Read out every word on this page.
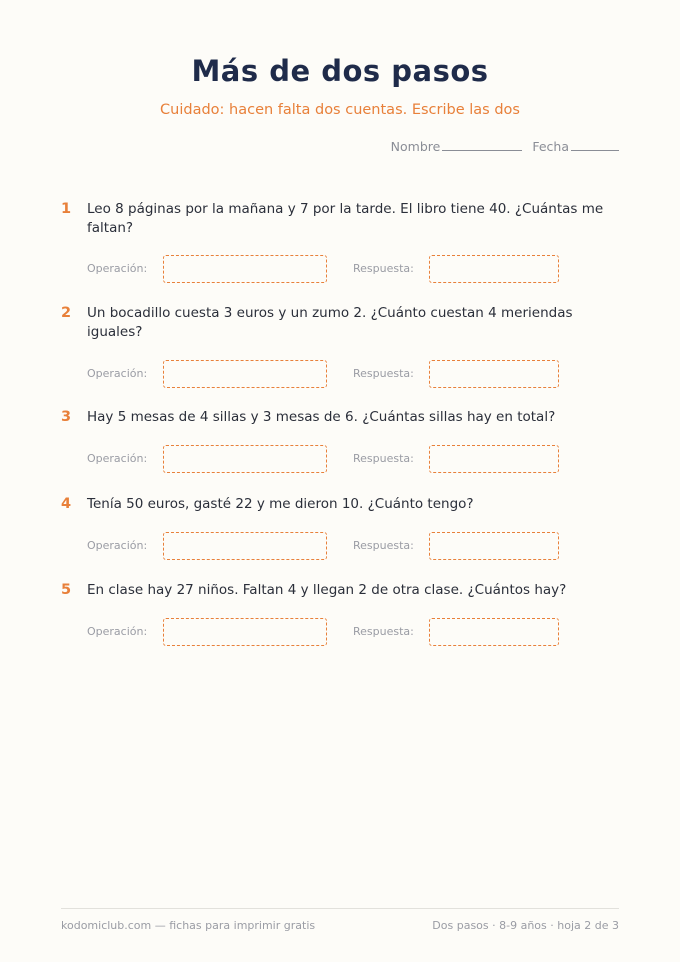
Más de dos pasos

Cuidado: hacen falta dos cuentas. Escribe las dos

Nombre	Fecha
1	Leo 8 páginas por la mañana y 7 por la tarde. El libro tiene 40. ¿Cuántas me faltan?
Operación:	Respuesta:
2	Un bocadillo cuesta 3 euros y un zumo 2. ¿Cuánto cuestan 4 meriendas iguales?
Operación:	Respuesta:
3	Hay 5 mesas de 4 sillas y 3 mesas de 6. ¿Cuántas sillas hay en total?
Operación:	Respuesta:
4	Tenía 50 euros, gasté 22 y me dieron 10. ¿Cuánto tengo?
Operación:	Respuesta:
5	En clase hay 27 niños. Faltan 4 y llegan 2 de otra clase. ¿Cuántos hay?
Operación:	Respuesta:
kodomiclub.com — fichas para imprimir gratis	Dos pasos · 8-9 años · hoja 2 de 3
